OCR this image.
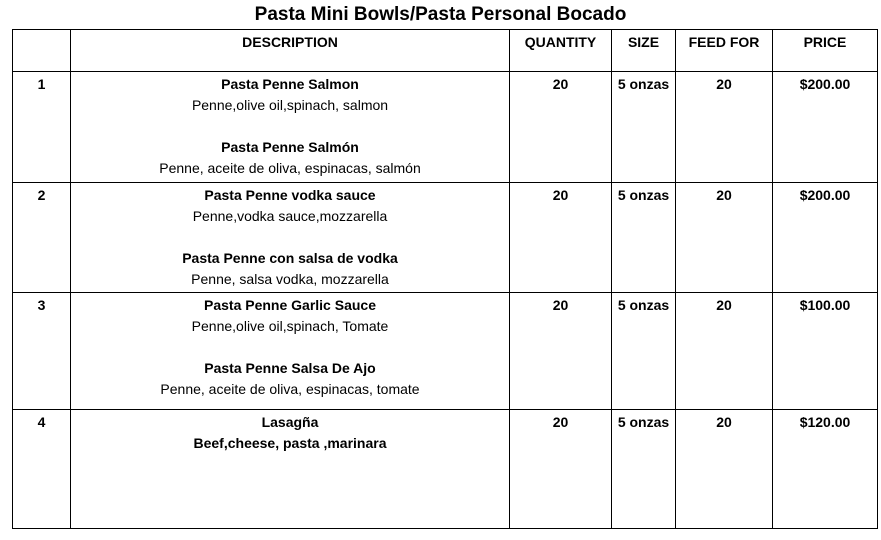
Pasta Mini Bowls/Pasta Personal Bocado
	DESCRIPTION	QUANTITY	SIZE	FEED FOR	PRICE
1	Pasta Penne Salmon
Penne,olive oil,spinach, salmon
Pasta Penne Salmón
Penne, aceite de oliva, espinacas, salmón	20	5 onzas	20	$200.00
2	Pasta Penne vodka sauce
Penne,vodka sauce,mozzarella
Pasta Penne con salsa de vodka
Penne, salsa vodka, mozzarella	20	5 onzas	20	$200.00
3	Pasta Penne Garlic Sauce
Penne,olive oil,spinach, Tomate
Pasta Penne Salsa De Ajo
Penne, aceite de oliva, espinacas, tomate	20	5 onzas	20	$100.00
4	Lasagña
Beef,cheese, pasta ,marinara	20	5 onzas	20	$120.00
